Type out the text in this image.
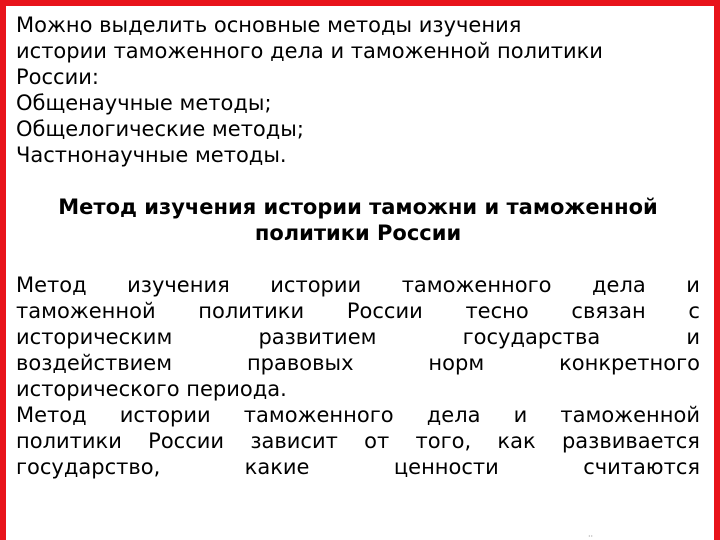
Можно выделить основные методы изучения
истории таможенного дела и таможенной политики
России:
Общенаучные методы;
Общелогические методы;
Частнонаучные методы.
Метод изучения истории таможни и таможенной
политики России
Метод изучения истории таможенного дела и
таможенной политики России тесно связан с
историческим	развитием	государства	и
воздействием	правовых	норм	конкретного
исторического периода.
Метод истории таможенного дела и таможенной
политики России зависит от того, как развивается
государство,	какие	ценности	считаются
··
